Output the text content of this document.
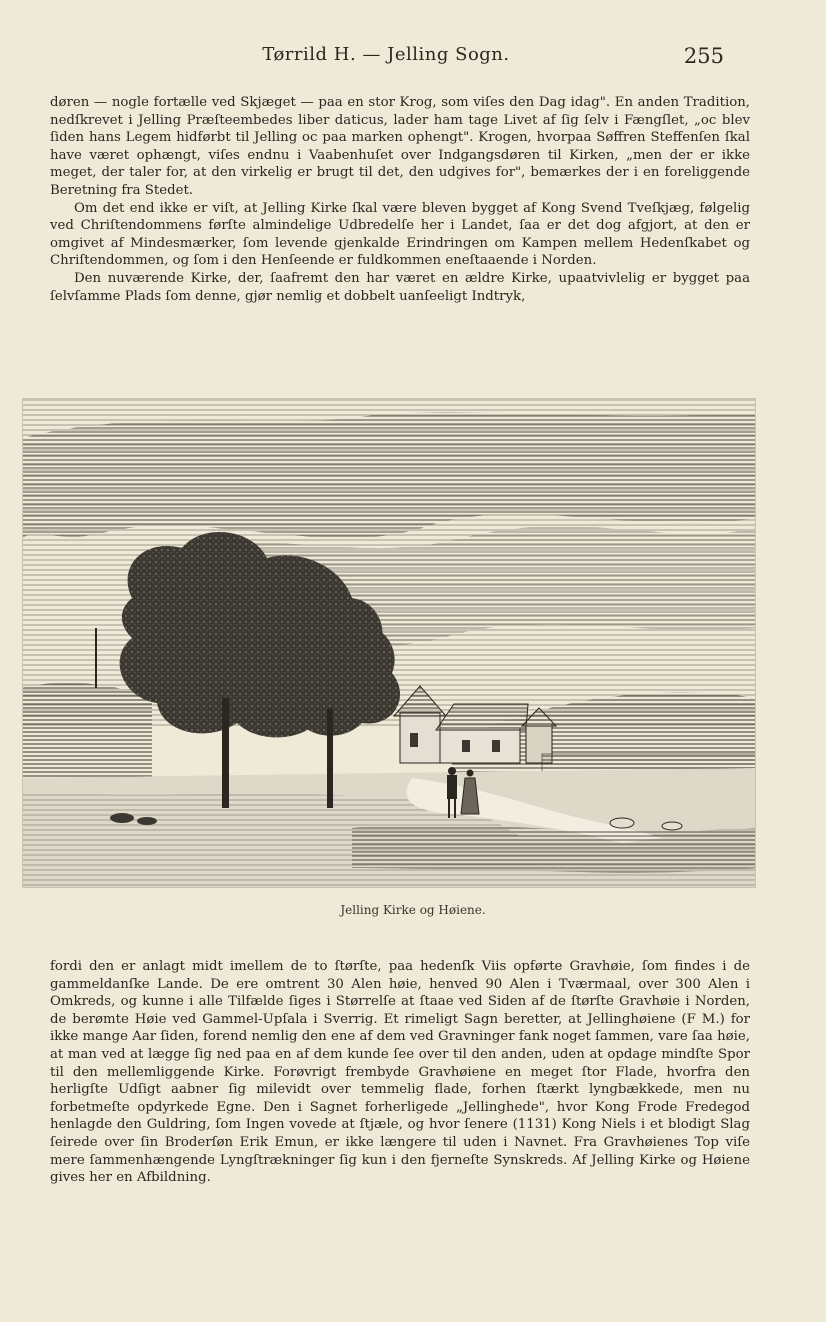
Tørrild H. — Jelling Sogn.	255

døren — nogle fortælle ved Skjæget — paa en stor Krog, som viſes den Dag idag". En anden Tradition, nedſkrevet i Jelling Præſteembedes liber daticus, lader ham tage Livet af ſig ſelv i Fængſlet, „oc blev ſiden hans Legem hidførbt til Jelling oc paa marken ophengt". Krogen, hvorpaa Søffren Steffenſen ſkal have været ophængt, viſes endnu i Vaabenhuſet over Indgangsdøren til Kirken, „men der er ikke meget, der taler for, at den virkelig er brugt til det, den udgives for", bemærkes der i en foreliggende Beretning fra Stedet.

Om det end ikke er viſt, at Jelling Kirke ſkal være bleven bygget af Kong Svend Tveſkjæg, følgelig ved Chriſtendommens førſte almindelige Udbredelſe her i Landet, ſaa er det dog afgjort, at den er omgivet af Mindesmærker, ſom levende gjenkalde Erindringen om Kampen mellem Hedenſkabet og Chriſtendommen, og ſom i den Henſeende er fuldkommen eneſtaaende i Norden.

Den nuværende Kirke, der, ſaafremt den har været en ældre Kirke, upaatvivlelig er bygget paa ſelvſamme Plads ſom denne, gjør nemlig et dobbelt uanſeeligt Indtryk,

Jelling Kirke og Høiene.

fordi den er anlagt midt imellem de to ſtørſte, paa hedenſk Viis opførte Gravhøie, ſom findes i de gammeldanſke Lande. De ere omtrent 30 Alen høie, henved 90 Alen i Tværmaal, over 300 Alen i Omkreds, og kunne i alle Tilfælde ſiges i Størrelſe at ſtaae ved Siden af de ſtørſte Gravhøie i Norden, de berømte Høie ved Gammel-Upſala i Sverrig. Et rimeligt Sagn beretter, at Jellinghøiene (F M.) for ikke mange Aar ſiden, forend nemlig den ene af dem ved Gravninger fank noget ſammen, vare ſaa høie, at man ved at lægge ſig ned paa en af dem kunde ſee over til den anden, uden at opdage mindſte Spor til den mellemliggende Kirke. Forøvrigt frembyde Gravhøiene en meget ſtor Flade, hvorfra den herligſte Udſigt aabner ſig milevidt over temmelig flade, forhen ſtærkt lyngbækkede, men nu forbetmeſte opdyrkede Egne. Den i Sagnet forherligede „Jellinghede", hvor Kong Frode Fredegod henlagde den Guldring, ſom Ingen vovede at ſtjæle, og hvor ſenere (1131) Kong Niels i et blodigt Slag ſeirede over ſin Broderſøn Erik Emun, er ikke længere til uden i Navnet. Fra Gravhøienes Top viſe mere ſammenhængende Lyngſtrækninger ſig kun i den fjerneſte Synskreds. Af Jelling Kirke og Høiene gives her en Afbildning.
